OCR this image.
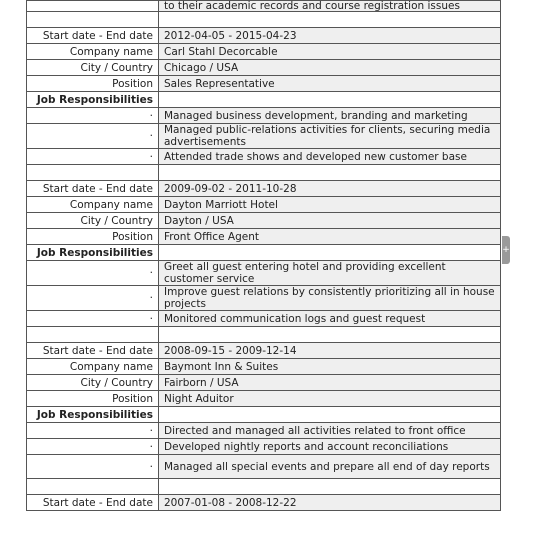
	to their academic records and course registration issues

Start date - End date	2012-04-05 - 2015-04-23
Company name	Carl Stahl Decorcable
City / Country	Chicago / USA
Position	Sales Representative
Job Responsibilities	
·	Managed business development, branding and marketing
·	Managed public-relations activities for clients, securing media advertisements
·	Attended trade shows and developed new customer base

Start date - End date	2009-09-02 - 2011-10-28
Company name	Dayton Marriott Hotel
City / Country	Dayton / USA
Position	Front Office Agent
Job Responsibilities	
·	Greet all guest entering hotel and providing excellent customer service
·	Improve guest relations by consistently prioritizing all in house projects
·	Monitored communication logs and guest request

Start date - End date	2008-09-15 - 2009-12-14
Company name	Baymont Inn & Suites
City / Country	Fairborn / USA
Position	Night Aduitor
Job Responsibilities	
·	Directed and managed all activities related to front office
·	Developed nightly reports and account reconciliations
·	Managed all special events and prepare all end of day reports

Start date - End date	2007-01-08 - 2008-12-22
+
